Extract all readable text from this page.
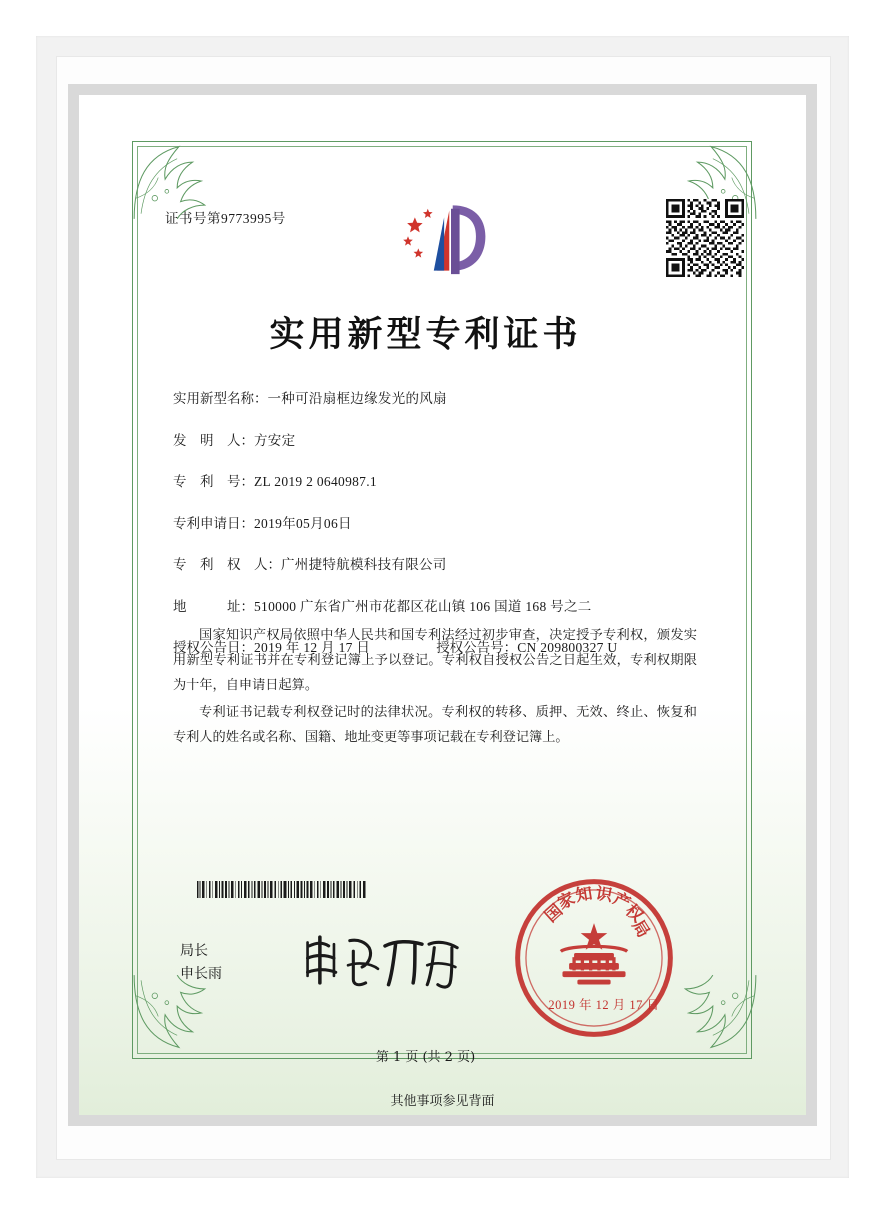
证书号第9773995号
实用新型专利证书
实用新型名称： 一种可沿扇框边缘发光的风扇
发　明　人： 方安定
专　利　号： ZL 2019 2 0640987.1
专利申请日： 2019年05月06日
专　利　权　人： 广州捷特航模科技有限公司
地　　　址： 510000 广东省广州市花都区花山镇 106 国道 168 号之二
授权公告日： 2019 年 12 月 17 日	授权公告号： CN 209800327 U

国家知识产权局依照中华人民共和国专利法经过初步审查，决定授予专利权，颁发实用新型专利证书并在专利登记簿上予以登记。专利权自授权公告之日起生效，专利权期限为十年，自申请日起算。

专利证书记载专利权登记时的法律状况。专利权的转移、质押、无效、终止、恢复和专利人的姓名或名称、国籍、地址变更等事项记载在专利登记簿上。

局长
申长雨
国
家
知 识
产
权
局
2019 年 12 月 17 日
第 1 页 (共 2 页)
其他事项参见背面
